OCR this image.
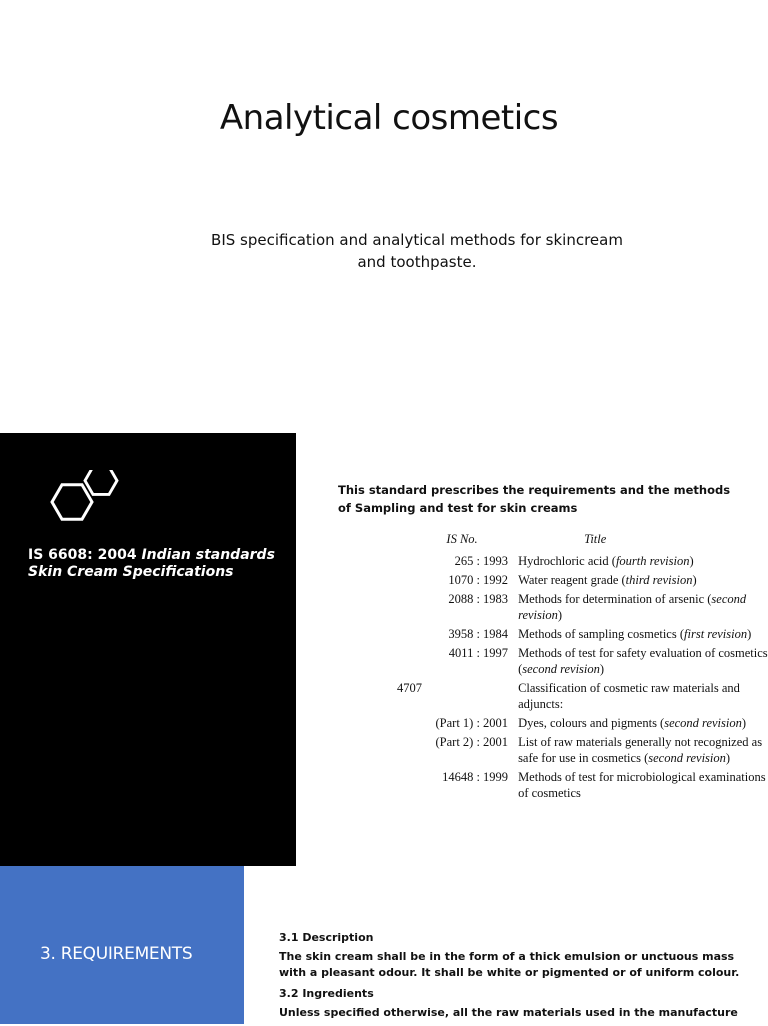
Analytical cosmetics
BIS specification and analytical methods for skincream and toothpaste.
IS 6608: 2004 Indian standards Skin Cream Specifications
This standard prescribes the requirements and the methods of Sampling and test for skin creams
IS No.	Title
265 : 1993	Hydrochloric acid (fourth revision)
1070 : 1992	Water reagent grade (third revision)
2088 : 1983	Methods for determination of arsenic (second revision)
3958 : 1984	Methods of sampling cosmetics (first revision)
4011 : 1997	Methods of test for safety evaluation of cosmetics (second revision)
4707	Classification of cosmetic raw materials and adjuncts:
(Part 1) : 2001	Dyes, colours and pigments (second revision)
(Part 2) : 2001	List of raw materials generally not recognized as safe for use in cosmetics (second revision)
14648 : 1999	Methods of test for microbiological examinations of cosmetics
3. REQUIREMENTS
3.1 Description
The skin cream shall be in the form of a thick emulsion or unctuous mass with a pleasant odour. It shall be white or pigmented or of uniform colour.
3.2 Ingredients
Unless specified otherwise, all the raw materials used in the manufacture
